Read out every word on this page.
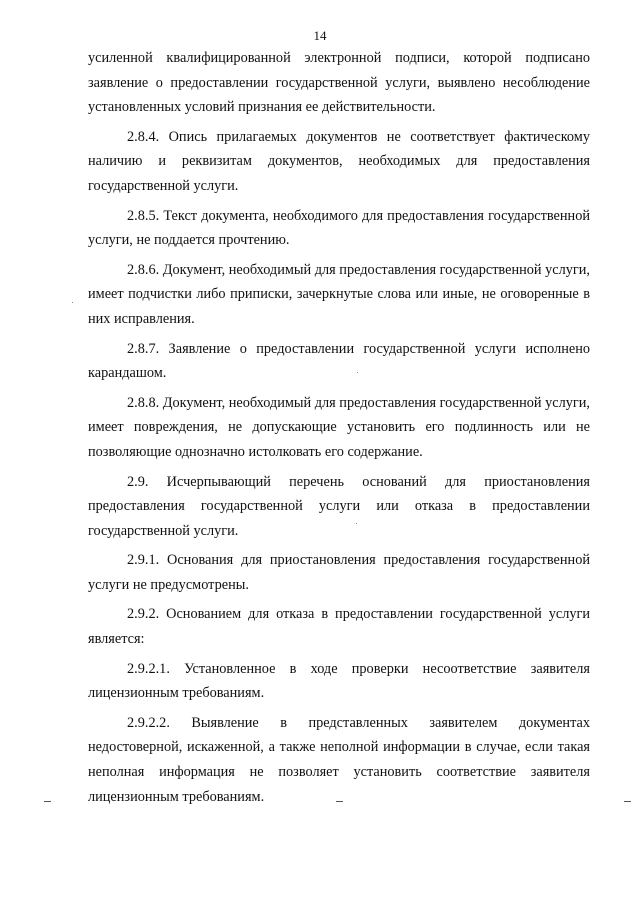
14

усиленной квалифицированной электронной подписи, которой подписано заявление о предоставлении государственной услуги, выявлено несоблюдение установленных условий признания ее действительности.

2.8.4. Опись прилагаемых документов не соответствует фактическому наличию и реквизитам документов, необходимых для предоставления государственной услуги.

2.8.5. Текст документа, необходимого для предоставления государственной услуги, не поддается прочтению.

2.8.6. Документ, необходимый для предоставления государственной услуги, имеет подчистки либо приписки, зачеркнутые слова или иные, не оговоренные в них исправления.

2.8.7. Заявление о предоставлении государственной услуги исполнено карандашом.

2.8.8. Документ, необходимый для предоставления государственной услуги, имеет повреждения, не допускающие установить его подлинность или не позволяющие однозначно истолковать его содержание.

2.9. Исчерпывающий перечень оснований для приостановления предоставления государственной услуги или отказа в предоставлении государственной услуги.

2.9.1. Основания для приостановления предоставления государственной услуги не предусмотрены.

2.9.2. Основанием для отказа в предоставлении государственной услуги является:

2.9.2.1. Установленное в ходе проверки несоответствие заявителя лицензионным требованиям.

2.9.2.2. Выявление в представленных заявителем документах недостоверной, искаженной, а также неполной информации в случае, если такая неполная информация не позволяет установить соответствие заявителя лицензионным требованиям.
